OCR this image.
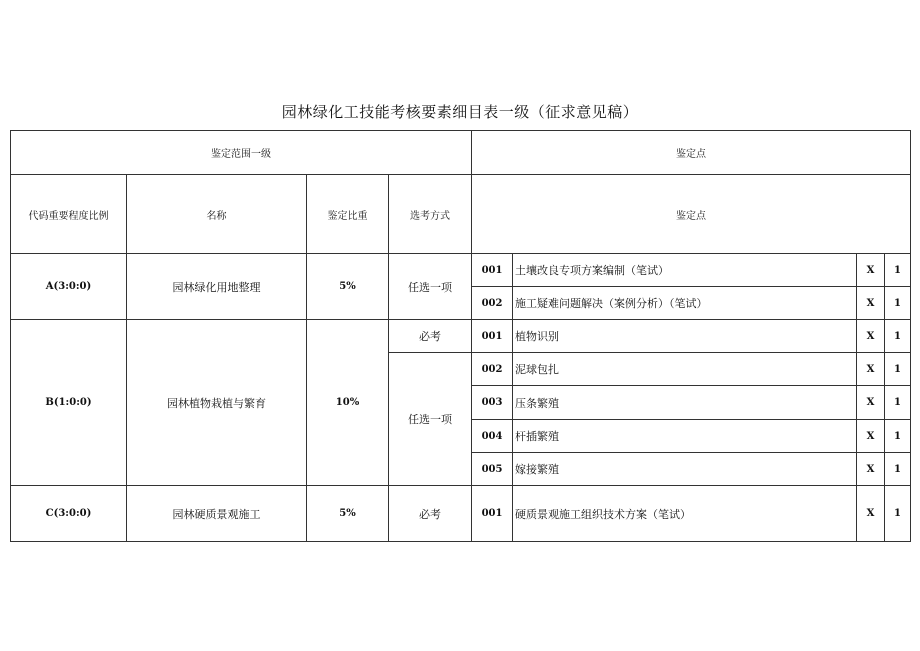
园林绿化工技能考核要素细目表一级（征求意见稿）
鉴定范围一级				鉴定点			
代码重要程度比例	名称	鉴定比重	选考方式	鉴定点			
A(3:0:0)	园林绿化用地整理	5%	任选一项	001	土壤改良专项方案编制（笔试）	X	1
				002	施工疑难问题解决（案例分析）（笔试）	X	1
B(1:0:0)	园林植物栽植与繁育	10%	必考	001	植物识别	X	1
			任选一项	002	泥球包扎	X	1
				003	压条繁殖	X	1
				004	杆插繁殖	X	1
				005	嫁接繁殖	X	1
C(3:0:0)	园林硬质景观施工	5%	必考	001	硬质景观施工组织技术方案（笔试）	X	1
